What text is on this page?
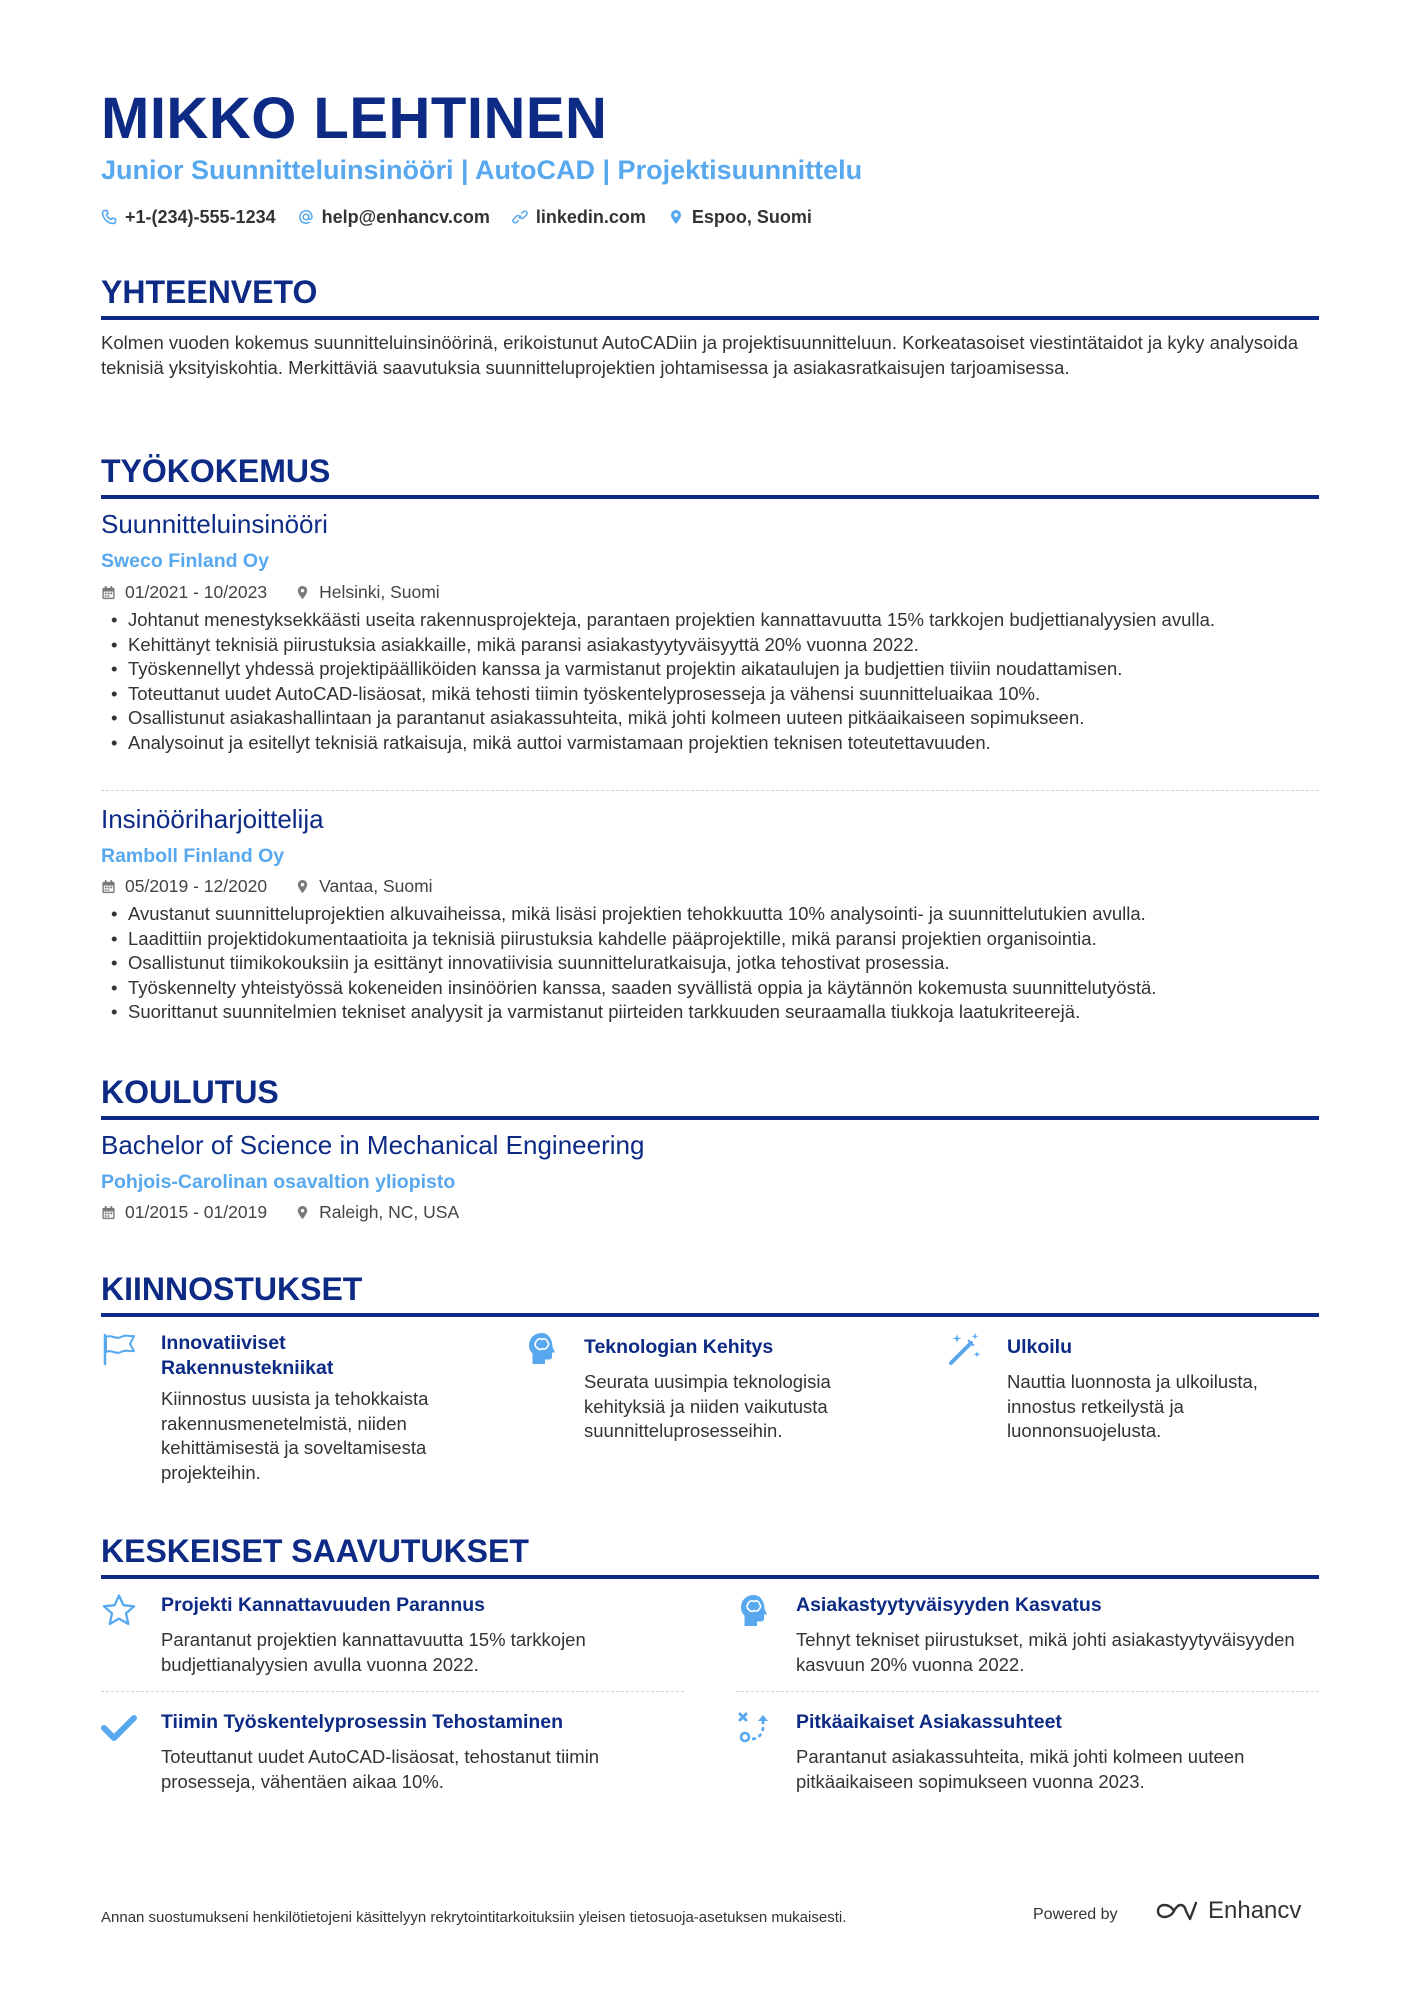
MIKKO LEHTINEN
Junior Suunnitteluinsinööri | AutoCAD | Projektisuunnittelu
+1-(234)-555-1234	help@enhancv.com	linkedin.com	Espoo, Suomi
YHTEENVETO
Kolmen vuoden kokemus suunnitteluinsinöörinä, erikoistunut AutoCADiin ja projektisuunnitteluun. Korkeatasoiset viestintätaidot ja kyky analysoida teknisiä yksityiskohtia. Merkittäviä saavutuksia suunnitteluprojektien johtamisessa ja asiakasratkaisujen tarjoamisessa.
TYÖKOKEMUS
Suunnitteluinsinööri
Sweco Finland Oy
01/2021 - 10/2023	Helsinki, Suomi
• Johtanut menestyksekkäästi useita rakennusprojekteja, parantaen projektien kannattavuutta 15% tarkkojen budjettianalyysien avulla.
• Kehittänyt teknisiä piirustuksia asiakkaille, mikä paransi asiakastyytyväisyyttä 20% vuonna 2022.
• Työskennellyt yhdessä projektipäälliköiden kanssa ja varmistanut projektin aikataulujen ja budjettien tiiviin noudattamisen.
• Toteuttanut uudet AutoCAD-lisäosat, mikä tehosti tiimin työskentelyprosesseja ja vähensi suunnitteluaikaa 10%.
• Osallistunut asiakashallintaan ja parantanut asiakassuhteita, mikä johti kolmeen uuteen pitkäaikaiseen sopimukseen.
• Analysoinut ja esitellyt teknisiä ratkaisuja, mikä auttoi varmistamaan projektien teknisen toteutettavuuden.
Insinööriharjoittelija
Ramboll Finland Oy
05/2019 - 12/2020	Vantaa, Suomi
• Avustanut suunnitteluprojektien alkuvaiheissa, mikä lisäsi projektien tehokkuutta 10% analysointi- ja suunnittelutukien avulla.
• Laadittiin projektidokumentaatioita ja teknisiä piirustuksia kahdelle pääprojektille, mikä paransi projektien organisointia.
• Osallistunut tiimikokouksiin ja esittänyt innovatiivisia suunnitteluratkaisuja, jotka tehostivat prosessia.
• Työskennelty yhteistyössä kokeneiden insinöörien kanssa, saaden syvällistä oppia ja käytännön kokemusta suunnittelutyöstä.
• Suorittanut suunnitelmien tekniset analyysit ja varmistanut piirteiden tarkkuuden seuraamalla tiukkoja laatukriteerejä.
KOULUTUS
Bachelor of Science in Mechanical Engineering
Pohjois-Carolinan osavaltion yliopisto
01/2015 - 01/2019	Raleigh, NC, USA
KIINNOSTUKSET
Innovatiiviset Rakennustekniikat
Kiinnostus uusista ja tehokkaista rakennusmenetelmistä, niiden kehittämisestä ja soveltamisesta projekteihin.
Teknologian Kehitys
Seurata uusimpia teknologisia kehityksiä ja niiden vaikutusta suunnitteluprosesseihin.
Ulkoilu
Nauttia luonnosta ja ulkoilusta, innostus retkeilystä ja luonnonsuojelusta.
KESKEISET SAAVUTUKSET
Projekti Kannattavuuden Parannus
Parantanut projektien kannattavuutta 15% tarkkojen budjettianalyysien avulla vuonna 2022.
Asiakastyytyväisyyden Kasvatus
Tehnyt tekniset piirustukset, mikä johti asiakastyytyväisyyden kasvuun 20% vuonna 2022.
Tiimin Työskentelyprosessin Tehostaminen
Toteuttanut uudet AutoCAD-lisäosat, tehostanut tiimin prosesseja, vähentäen aikaa 10%.
Pitkäaikaiset Asiakassuhteet
Parantanut asiakassuhteita, mikä johti kolmeen uuteen pitkäaikaiseen sopimukseen vuonna 2023.
Annan suostumukseni henkilötietojeni käsittelyyn rekrytointitarkoituksiin yleisen tietosuoja-asetuksen mukaisesti.	Powered by	Enhancv
